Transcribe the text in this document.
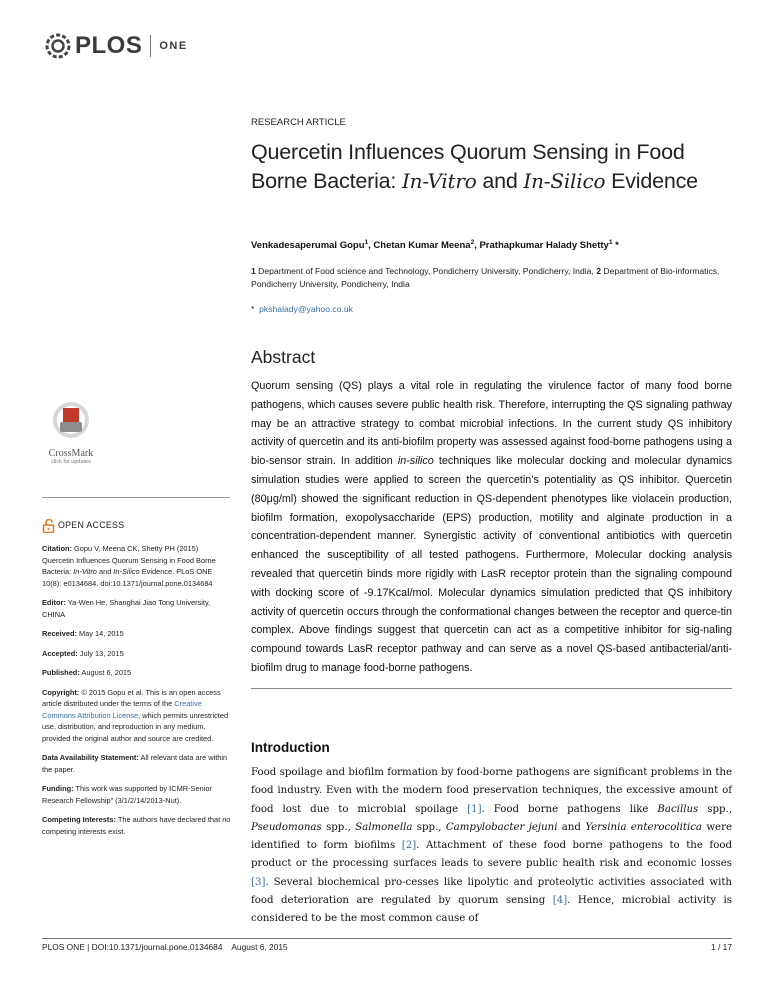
PLOS ONE
RESEARCH ARTICLE
Quercetin Influences Quorum Sensing in Food Borne Bacteria: In-Vitro and In-Silico Evidence
Venkadesaperumal Gopu$^1$, Chetan Kumar Meena$^2$, Prathapkumar Halady Shetty$^1$ *
1 Department of Food science and Technology, Pondicherry University, Pondicherry, India, 2 Department of Bio-informatics, Pondicherry University, Pondicherry, India
* pkshalady@yahoo.co.uk
Abstract
Quorum sensing (QS) plays a vital role in regulating the virulence factor of many food borne pathogens, which causes severe public health risk. Therefore, interrupting the QS signaling pathway may be an attractive strategy to combat microbial infections. In the current study QS inhibitory activity of quercetin and its anti-biofilm property was assessed against food-borne pathogens using a bio-sensor strain. In addition in-silico techniques like molecular docking and molecular dynamics simulation studies were applied to screen the quercetin’s potentiality as QS inhibitor. Quercetin (80μg/ml) showed the significant reduction in QS-dependent phenotypes like violacein production, biofilm formation, exopolysaccharide (EPS) production, motility and alginate production in a concentration-dependent manner. Synergistic activity of conventional antibiotics with quercetin enhanced the susceptibility of all tested pathogens. Furthermore, Molecular docking analysis revealed that quercetin binds more rigidly with LasR receptor protein than the signaling compound with docking score of -9.17Kcal/mol. Molecular dynamics simulation predicted that QS inhibitory activity of quercetin occurs through the conformational changes between the receptor and querce-tin complex. Above findings suggest that quercetin can act as a competitive inhibitor for sig-naling compound towards LasR receptor pathway and can serve as a novel QS-based antibacterial/anti-biofilm drug to manage food-borne pathogens.
Introduction
Food spoilage and biofilm formation by food-borne pathogens are significant problems in the food industry. Even with the modern food preservation techniques, the excessive amount of food lost due to microbial spoilage [1]. Food borne pathogens like Bacillus spp., Pseudomonas spp., Salmonella spp., Campylobacter jejuni and Yersinia enterocolitica were identified to form biofilms [2]. Attachment of these food borne pathogens to the food product or the processing surfaces leads to severe public health risk and economic losses [3]. Several biochemical pro-cesses like lipolytic and proteolytic activities associated with food deterioration are regulated by quorum sensing [4]. Hence, microbial activity is considered to be the most common cause of
CrossMark
click for updates
OPEN ACCESS
Citation: Gopu V, Meena CK, Shetty PH (2015) Quercetin Influences Quorum Sensing in Food Borne Bacteria: In-Vitro and In-Silico Evidence. PLoS ONE 10(8): e0134684. doi:10.1371/journal.pone.0134684
Editor: Ya-Wen He, Shanghai Jiao Tong University, CHINA
Received: May 14, 2015
Accepted: July 13, 2015
Published: August 6, 2015
Copyright: © 2015 Gopu et al. This is an open access article distributed under the terms of the Creative Commons Attribution License, which permits unrestricted use, distribution, and reproduction in any medium, provided the original author and source are credited.
Data Availability Statement: All relevant data are within the paper.
Funding: This work was supported by ICMR-Senior Research Fellowship” (3/1/2/14/2013-Nut).
Competing Interests: The authors have declared that no competing interests exist.
PLOS ONE | DOI:10.1371/journal.pone.0134684    August 6, 2015	1 / 17
